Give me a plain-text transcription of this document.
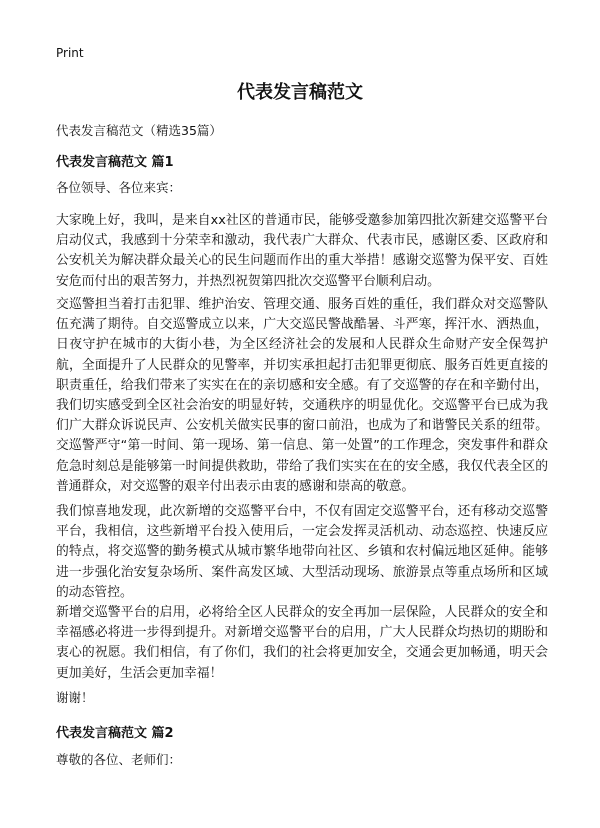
Print
代表发言稿范文
代表发言稿范文（精选35篇）
代表发言稿范文 篇1
各位领导、各位来宾：
大家晚上好，我叫，是来自xx社区的普通市民，能够受邀参加第四批次新建交巡警平台启动仪式，我感到十分荣幸和激动，我代表广大群众、代表市民，感谢区委、区政府和公安机关为解决群众最关心的民生问题而作出的重大举措！感谢交巡警为保平安、百姓安危而付出的艰苦努力，并热烈祝贺第四批次交巡警平台顺利启动。
交巡警担当着打击犯罪、维护治安、管理交通、服务百姓的重任，我们群众对交巡警队伍充满了期待。自交巡警成立以来，广大交巡民警战酷暑、斗严寒，挥汗水、洒热血，日夜守护在城市的大街小巷，为全区经济社会的发展和人民群众生命财产安全保驾护航，全面提升了人民群众的见警率，并切实承担起打击犯罪更彻底、服务百姓更直接的职责重任，给我们带来了实实在在的亲切感和安全感。有了交巡警的存在和辛勤付出，我们切实感受到全区社会治安的明显好转，交通秩序的明显优化。交巡警平台已成为我们广大群众诉说民声、公安机关做实民事的窗口前沿，也成为了和谐警民关系的纽带。交巡警严守“第一时间、第一现场、第一信息、第一处置”的工作理念，突发事件和群众危急时刻总是能够第一时间提供救助，带给了我们实实在在的安全感，我仅代表全区的普通群众，对交巡警的艰辛付出表示由衷的感谢和崇高的敬意。
我们惊喜地发现，此次新增的交巡警平台中，不仅有固定交巡警平台，还有移动交巡警平台，我相信，这些新增平台投入使用后，一定会发挥灵活机动、动态巡控、快速反应的特点，将交巡警的勤务模式从城市繁华地带向社区、乡镇和农村偏远地区延伸。能够进一步强化治安复杂场所、案件高发区域、大型活动现场、旅游景点等重点场所和区域的动态管控。
新增交巡警平台的启用，必将给全区人民群众的安全再加一层保险，人民群众的安全和幸福感必将进一步得到提升。对新增交巡警平台的启用，广大人民群众均热切的期盼和衷心的祝愿。我们相信，有了你们，我们的社会将更加安全，交通会更加畅通，明天会更加美好，生活会更加幸福！
谢谢！
代表发言稿范文 篇2
尊敬的各位、老师们：
